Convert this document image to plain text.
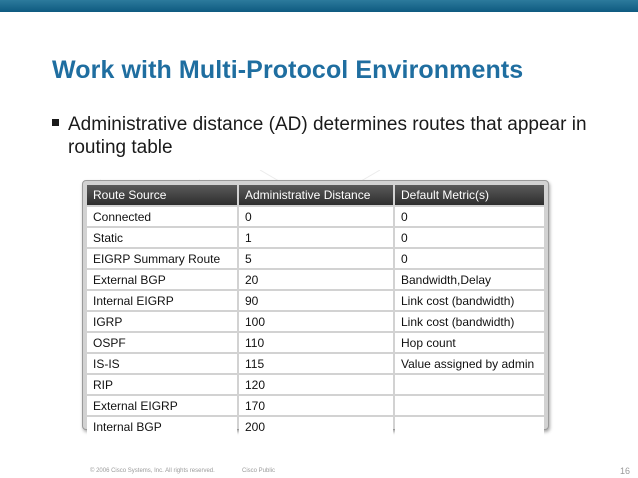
Work with Multi-Protocol Environments
Administrative distance (AD) determines routes that appear in routing table
Route Source	Administrative Distance	Default Metric(s)
Connected	0	0
Static	1	0
EIGRP Summary Route	5	0
External BGP	20	Bandwidth,Delay
Internal EIGRP	90	Link cost (bandwidth)
IGRP	100	Link cost (bandwidth)
OSPF	110	Hop count
IS-IS	115	Value assigned by admin
RIP	120	
External EIGRP	170	
Internal BGP	200	
© 2006 Cisco Systems, Inc. All rights reserved.	Cisco Public	16
